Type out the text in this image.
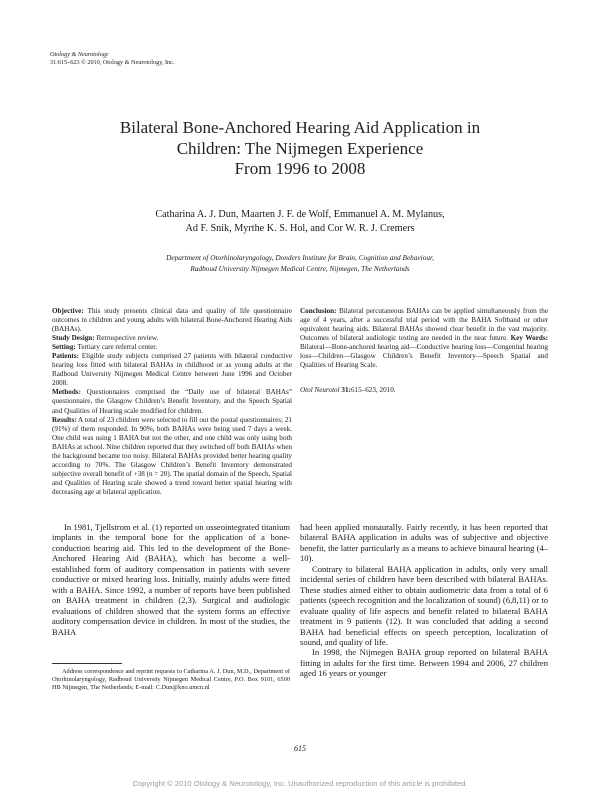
Otology & Neurotology
31:615–623 © 2010, Otology & Neurotology, Inc.
Bilateral Bone-Anchored Hearing Aid Application in
Children: The Nijmegen Experience
From 1996 to 2008
Catharina A. J. Dun, Maarten J. F. de Wolf, Emmanuel A. M. Mylanus,
Ad F. Snik, Myrthe K. S. Hol, and Cor W. R. J. Cremers
Department of Otorhinolaryngology, Donders Institute for Brain, Cognition and Behaviour,
Radboud University Nijmegen Medical Centre, Nijmegen, The Netherlands

Objective: This study presents clinical data and quality of life questionnaire outcomes in children and young adults with bilateral Bone-Anchored Hearing Aids (BAHAs).

Study Design: Retrospective review.

Setting: Tertiary care referral center.

Patients: Eligible study subjects comprised 27 patients with bilateral conductive hearing loss fitted with bilateral BAHAs in childhood or as young adults at the Radboud University Nijmegen Medical Centre between June 1996 and October 2008.

Methods: Questionnaires comprised the “Daily use of bilateral BAHAs” questionnaire, the Glasgow Children’s Benefit Inventory, and the Speech Spatial and Qualities of Hearing scale modified for children.

Results: A total of 23 children were selected to fill out the postal questionnaires; 21 (91%) of them responded. In 90%, both BAHAs were being used 7 days a week. One child was using 1 BAHA but not the other, and one child was only using both BAHAs at school. Nine children reported that they switched off both BAHAs when the background became too noisy. Bilateral BAHAs provided better hearing quality according to 70%. The Glasgow Children’s Benefit Inventory demonstrated subjective overall benefit of +38 (n = 20). The spatial domain of the Speech, Spatial and Qualities of Hearing scale showed a trend toward better spatial hearing with decreasing age at bilateral application.

Conclusion: Bilateral percutaneous BAHAs can be applied simultaneously from the age of 4 years, after a successful trial period with the BAHA Softband or other equivalent hearing aids. Bilateral BAHAs showed clear benefit in the vast majority. Outcomes of bilateral audiologic testing are needed in the near future. Key Words: Bilateral—Bone-anchored hearing aid—Conductive hearing loss—Congenital hearing loss—Children—Glasgow Children’s Benefit Inventory—Speech Spatial and Qualities of Hearing Scale.

Otol Neurotol 31:615–623, 2010.

In 1981, Tjellstrom et al. (1) reported on osseointegrated titanium implants in the temporal bone for the application of a bone-conduction hearing aid. This led to the development of the Bone-Anchored Hearing Aid (BAHA), which has become a well-established form of auditory compensation in patients with severe conductive or mixed hearing loss. Initially, mainly adults were fitted with a BAHA. Since 1992, a number of reports have been published on BAHA treatment in children (2,3). Surgical and audiologic evaluations of children showed that the system forms an effective auditory compensation device in children. In most of the studies, the BAHA

had been applied monaurally. Fairly recently, it has been reported that bilateral BAHA application in adults was of subjective and objective benefit, the latter particularly as a means to achieve binaural hearing (4–10).

Contrary to bilateral BAHA application in adults, only very small incidental series of children have been described with bilateral BAHAs. These studies aimed either to obtain audiometric data from a total of 6 patients (speech recognition and the localization of sound) (6,8,11) or to evaluate quality of life aspects and benefit related to bilateral BAHA treatment in 9 patients (12). It was concluded that adding a second BAHA had beneficial effects on speech perception, localization of sound, and quality of life.

In 1998, the Nijmegen BAHA group reported on bilateral BAHA fitting in adults for the first time. Between 1994 and 2006, 27 children aged 16 years or younger

Address correspondence and reprint requests to Catharina A. J. Dun, M.D., Department of Otorhinolaryngology, Radboud University Nijmegen Medical Centre, P.O. Box 9101, 6500 HB Nijmegen, The Netherlands; E-mail: C.Dun@kno.umcn.nl

615
Copyright © 2010 Otology & Neurotology, Inc. Unauthorized reproduction of this article is prohibited.
